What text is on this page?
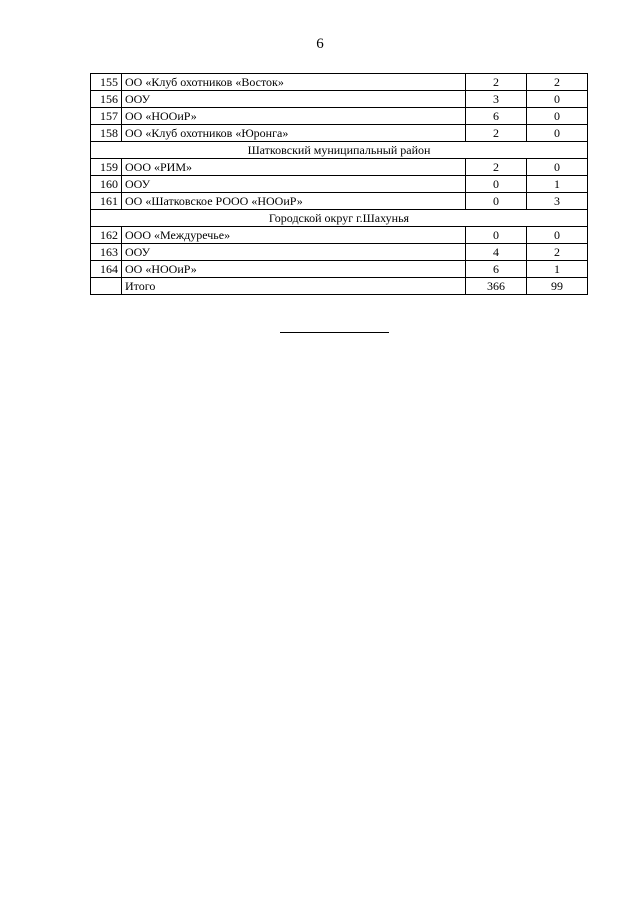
6
155	ОО «Клуб охотников «Восток»	2	2
156	ООУ	3	0
157	ОО «НООиР»	6	0
158	ОО «Клуб охотников «Юронга»	2	0
Шатковский муниципальный район			
159	ООО «РИМ»	2	0
160	ООУ	0	1
161	ОО «Шатковское РООО «НООиР»	0	3
Городской округ г.Шахунья			
162	ООО «Междуречье»	0	0
163	ООУ	4	2
164	ОО «НООиР»	6	1
	Итого	366	99
